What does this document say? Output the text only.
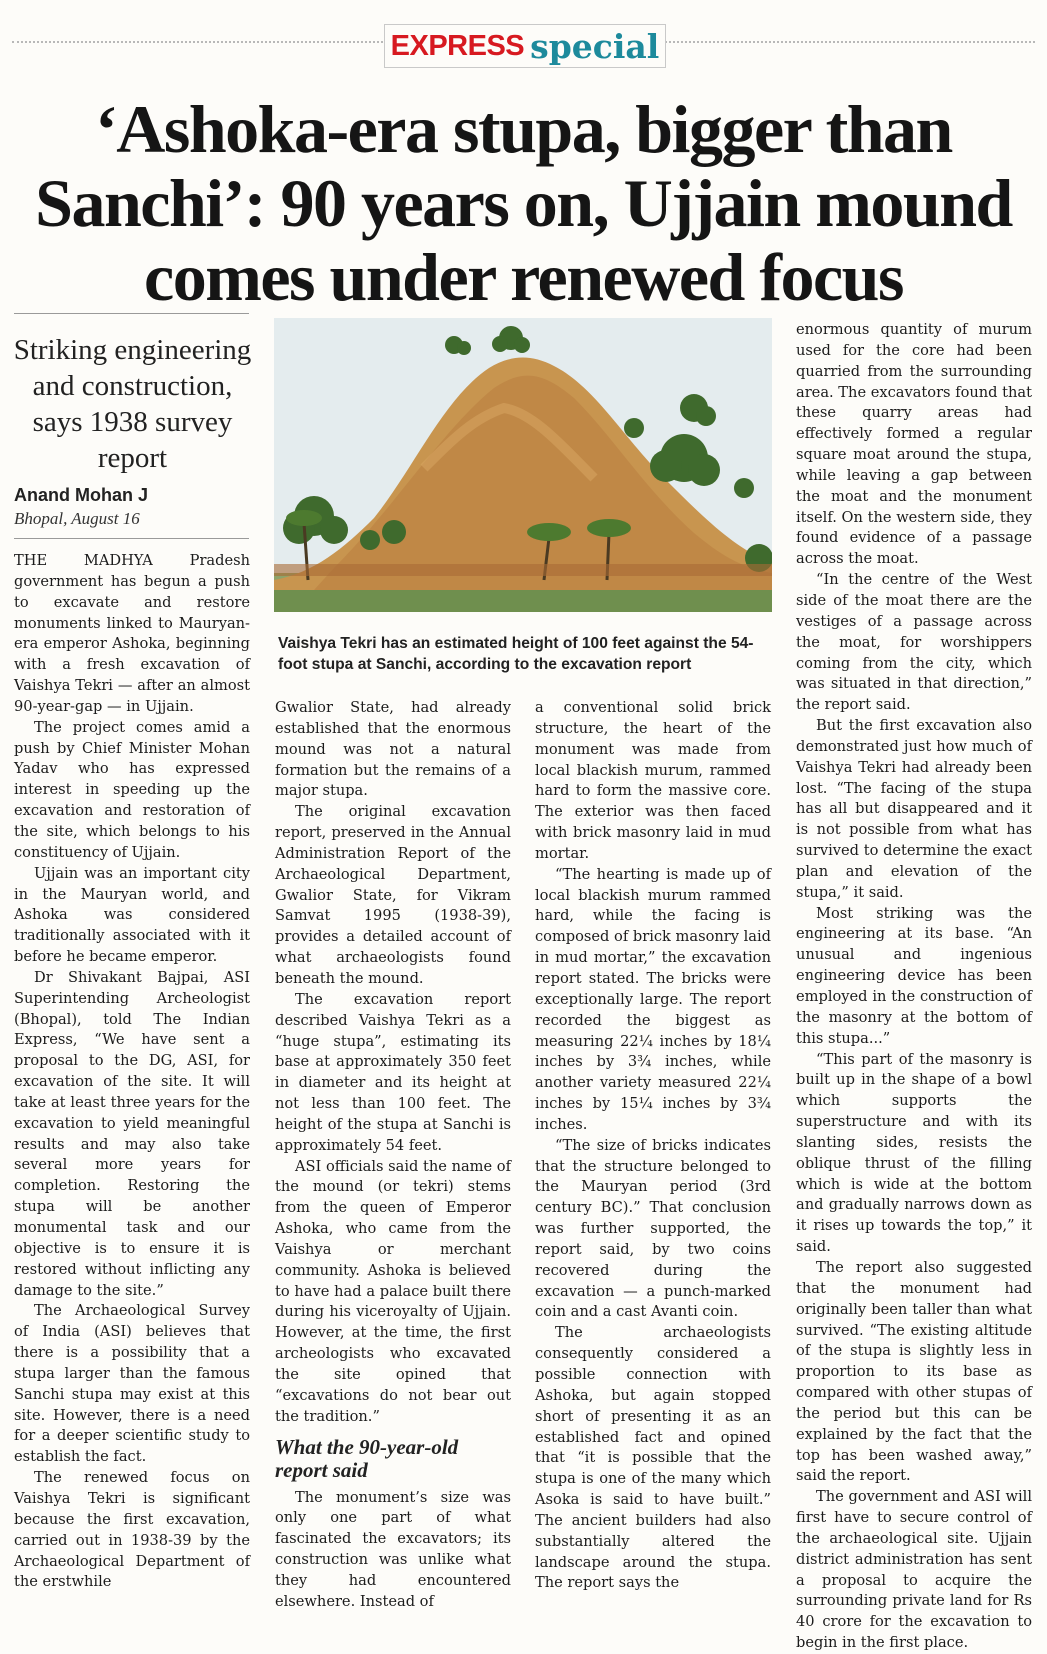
EXPRESS special
‘Ashoka-era stupa, bigger than Sanchi’: 90 years on, Ujjain mound comes under renewed focus
Striking engineering and construction, says 1938 survey report
Anand Mohan J
Bhopal, August 16
Vaishya Tekri has an estimated height of 100 feet against the 54-foot stupa at Sanchi, according to the excavation report

THE MADHYA Pradesh government has begun a push to excavate and restore monuments linked to Mauryan-era emperor Ashoka, beginning with a fresh excavation of Vaishya Tekri — after an almost 90-year-gap — in Ujjain.

The project comes amid a push by Chief Minister Mohan Yadav who has expressed interest in speeding up the excavation and restoration of the site, which belongs to his constituency of Ujjain.

Ujjain was an important city in the Mauryan world, and Ashoka was considered traditionally associated with it before he became emperor.

Dr Shivakant Bajpai, ASI Superintending Archeologist (Bhopal), told The Indian Express, “We have sent a proposal to the DG, ASI, for excavation of the site. It will take at least three years for the excavation to yield meaningful results and may also take several more years for completion. Restoring the stupa will be another monumental task and our objective is to ensure it is restored without inflicting any damage to the site.”

The Archaeological Survey of India (ASI) believes that there is a possibility that a stupa larger than the famous Sanchi stupa may exist at this site. However, there is a need for a deeper scientific study to establish the fact.

The renewed focus on Vaishya Tekri is significant because the first excavation, carried out in 1938-39 by the Archaeological Department of the erstwhile

Gwalior State, had already established that the enormous mound was not a natural formation but the remains of a major stupa.

The original excavation report, preserved in the Annual Administration Report of the Archaeological Department, Gwalior State, for Vikram Samvat 1995 (1938-39), provides a detailed account of what archaeologists found beneath the mound.

The excavation report described Vaishya Tekri as a “huge stupa”, estimating its base at approximately 350 feet in diameter and its height at not less than 100 feet. The height of the stupa at Sanchi is approximately 54 feet.

ASI officials said the name of the mound (or tekri) stems from the queen of Emperor Ashoka, who came from the Vaishya or merchant community. Ashoka is believed to have had a palace built there during his viceroyalty of Ujjain. However, at the time, the first archeologists who excavated the site opined that “excavations do not bear out the tradition.”

What the 90-year-old report said

The monument’s size was only one part of what fascinated the excavators; its construction was unlike what they had encountered elsewhere. Instead of

a conventional solid brick structure, the heart of the monument was made from local blackish murum, rammed hard to form the massive core. The exterior was then faced with brick masonry laid in mud mortar.

“The hearting is made up of local blackish murum rammed hard, while the facing is composed of brick masonry laid in mud mortar,” the excavation report stated. The bricks were exceptionally large. The report recorded the biggest as measuring 22¼ inches by 18¼ inches by 3¾ inches, while another variety measured 22¼ inches by 15¼ inches by 3¾ inches.

“The size of bricks indicates that the structure belonged to the Mauryan period (3rd century BC).” That conclusion was further supported, the report said, by two coins recovered during the excavation — a punch-marked coin and a cast Avanti coin.

The archaeologists consequently considered a possible connection with Ashoka, but again stopped short of presenting it as an established fact and opined that “it is possible that the stupa is one of the many which Asoka is said to have built.” The ancient builders had also substantially altered the landscape around the stupa. The report says the

enormous quantity of murum used for the core had been quarried from the surrounding area. The excavators found that these quarry areas had effectively formed a regular square moat around the stupa, while leaving a gap between the moat and the monument itself. On the western side, they found evidence of a passage across the moat.

“In the centre of the West side of the moat there are the vestiges of a passage across the moat, for worshippers coming from the city, which was situated in that direction,” the report said.

But the first excavation also demonstrated just how much of Vaishya Tekri had already been lost. “The facing of the stupa has all but disappeared and it is not possible from what has survived to determine the exact plan and elevation of the stupa,” it said.

Most striking was the engineering at its base. “An unusual and ingenious engineering device has been employed in the construction of the masonry at the bottom of this stupa...”

“This part of the masonry is built up in the shape of a bowl which supports the superstructure and with its slanting sides, resists the oblique thrust of the filling which is wide at the bottom and gradually narrows down as it rises up towards the top,” it said.

The report also suggested that the monument had originally been taller than what survived. “The existing altitude of the stupa is slightly less in proportion to its base as compared with other stupas of the period but this can be explained by the fact that the top has been washed away,” said the report.

The government and ASI will first have to secure control of the archaeological site. Ujjain district administration has sent a proposal to acquire the surrounding private land for Rs 40 crore for the excavation to begin in the first place.
